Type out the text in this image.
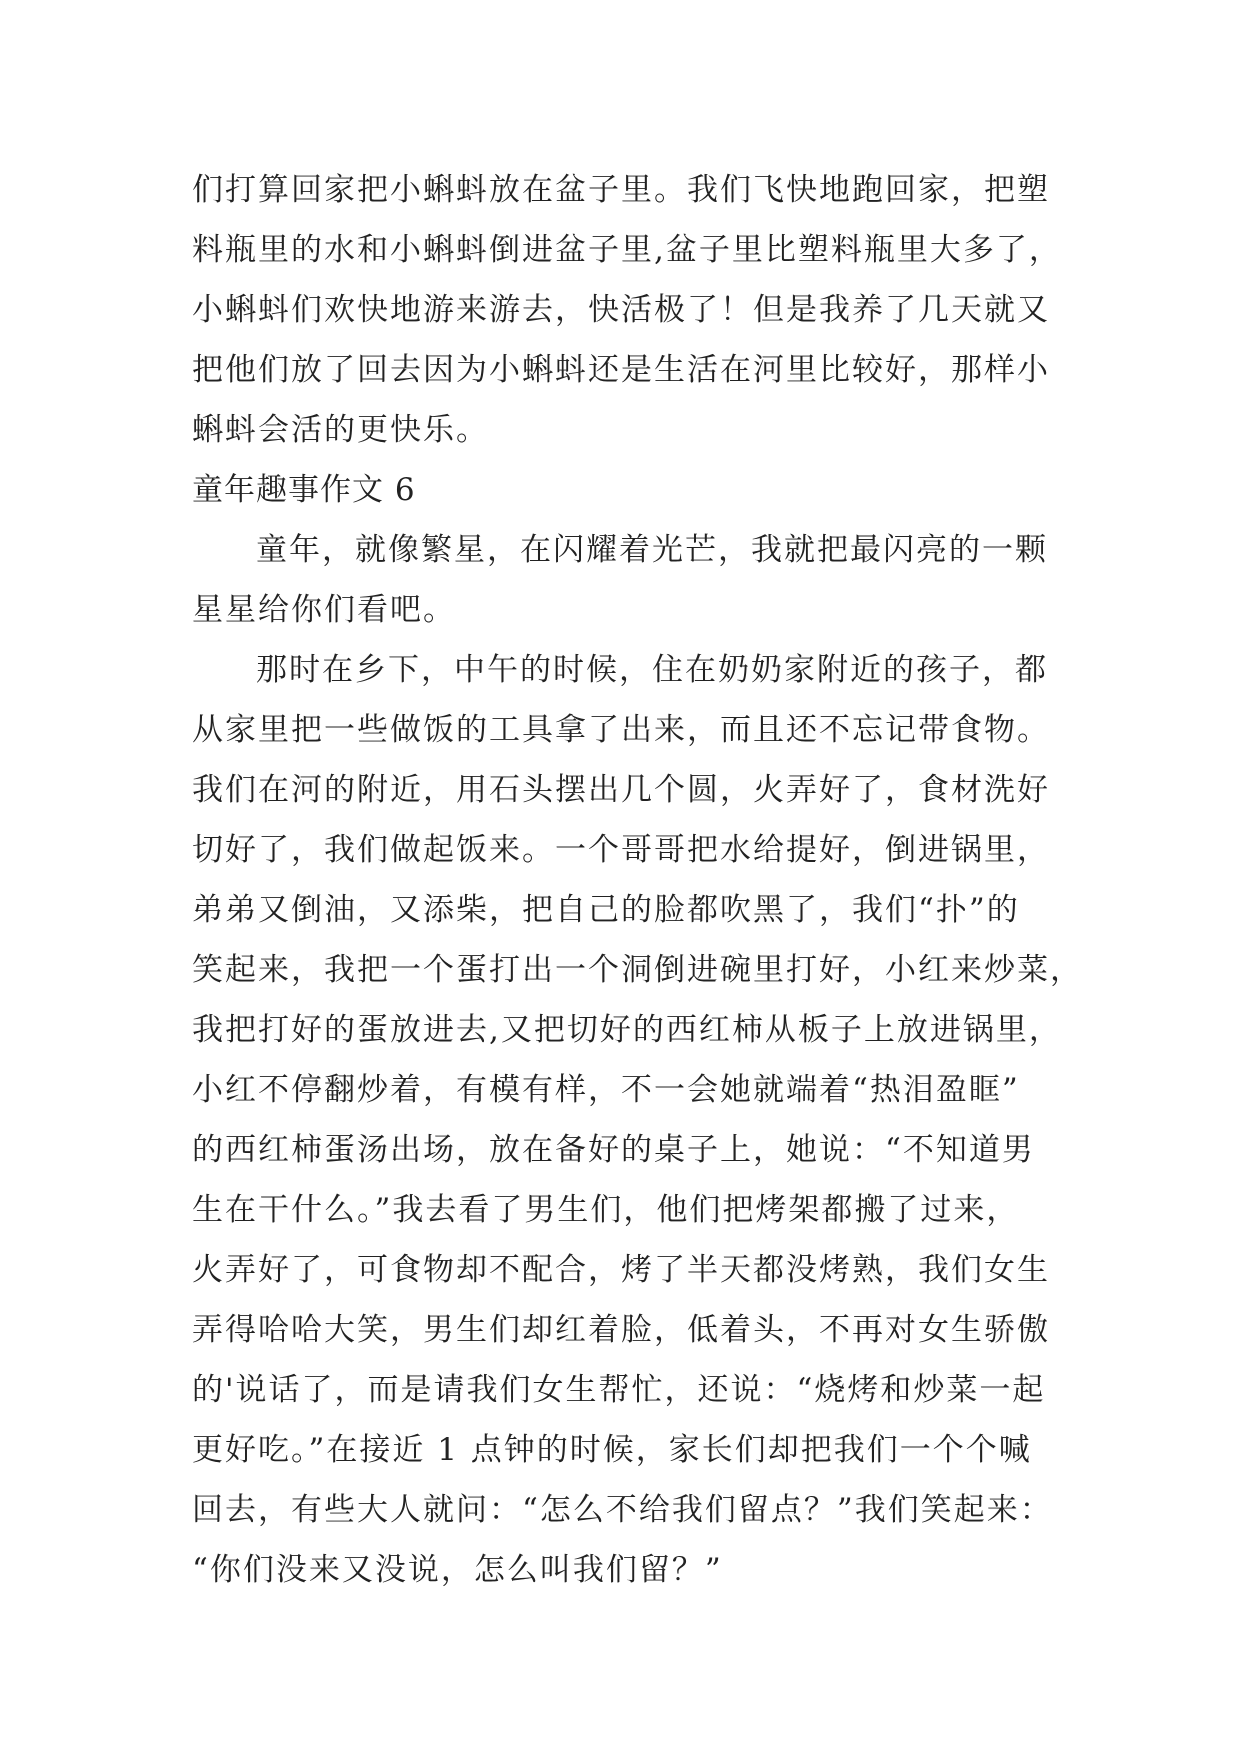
们打算回家把小蝌蚪放在盆子里。我们飞快地跑回家，把塑
料瓶里的水和小蝌蚪倒进盆子里,盆子里比塑料瓶里大多了，
小蝌蚪们欢快地游来游去，快活极了！但是我养了几天就又
把他们放了回去因为小蝌蚪还是生活在河里比较好，那样小
蝌蚪会活的更快乐。
童年趣事作文 6
童年，就像繁星，在闪耀着光芒，我就把最闪亮的一颗
星星给你们看吧。
那时在乡下，中午的时候，住在奶奶家附近的孩子，都
从家里把一些做饭的工具拿了出来，而且还不忘记带食物。
我们在河的附近，用石头摆出几个圆，火弄好了，食材洗好
切好了，我们做起饭来。一个哥哥把水给提好，倒进锅里，
弟弟又倒油，又添柴，把自己的脸都吹黑了，我们“扑”的
笑起来，我把一个蛋打出一个洞倒进碗里打好，小红来炒菜，
我把打好的蛋放进去,又把切好的西红柿从板子上放进锅里，
小红不停翻炒着，有模有样，不一会她就端着“热泪盈眶”
的西红柿蛋汤出场，放在备好的桌子上，她说：“不知道男
生在干什么。”我去看了男生们，他们把烤架都搬了过来，
火弄好了，可食物却不配合，烤了半天都没烤熟，我们女生
弄得哈哈大笑，男生们却红着脸，低着头，不再对女生骄傲
的'说话了，而是请我们女生帮忙，还说：“烧烤和炒菜一起
更好吃。”在接近 1 点钟的时候，家长们却把我们一个个喊
回去，有些大人就问：“怎么不给我们留点？”我们笑起来：
“你们没来又没说，怎么叫我们留？”
